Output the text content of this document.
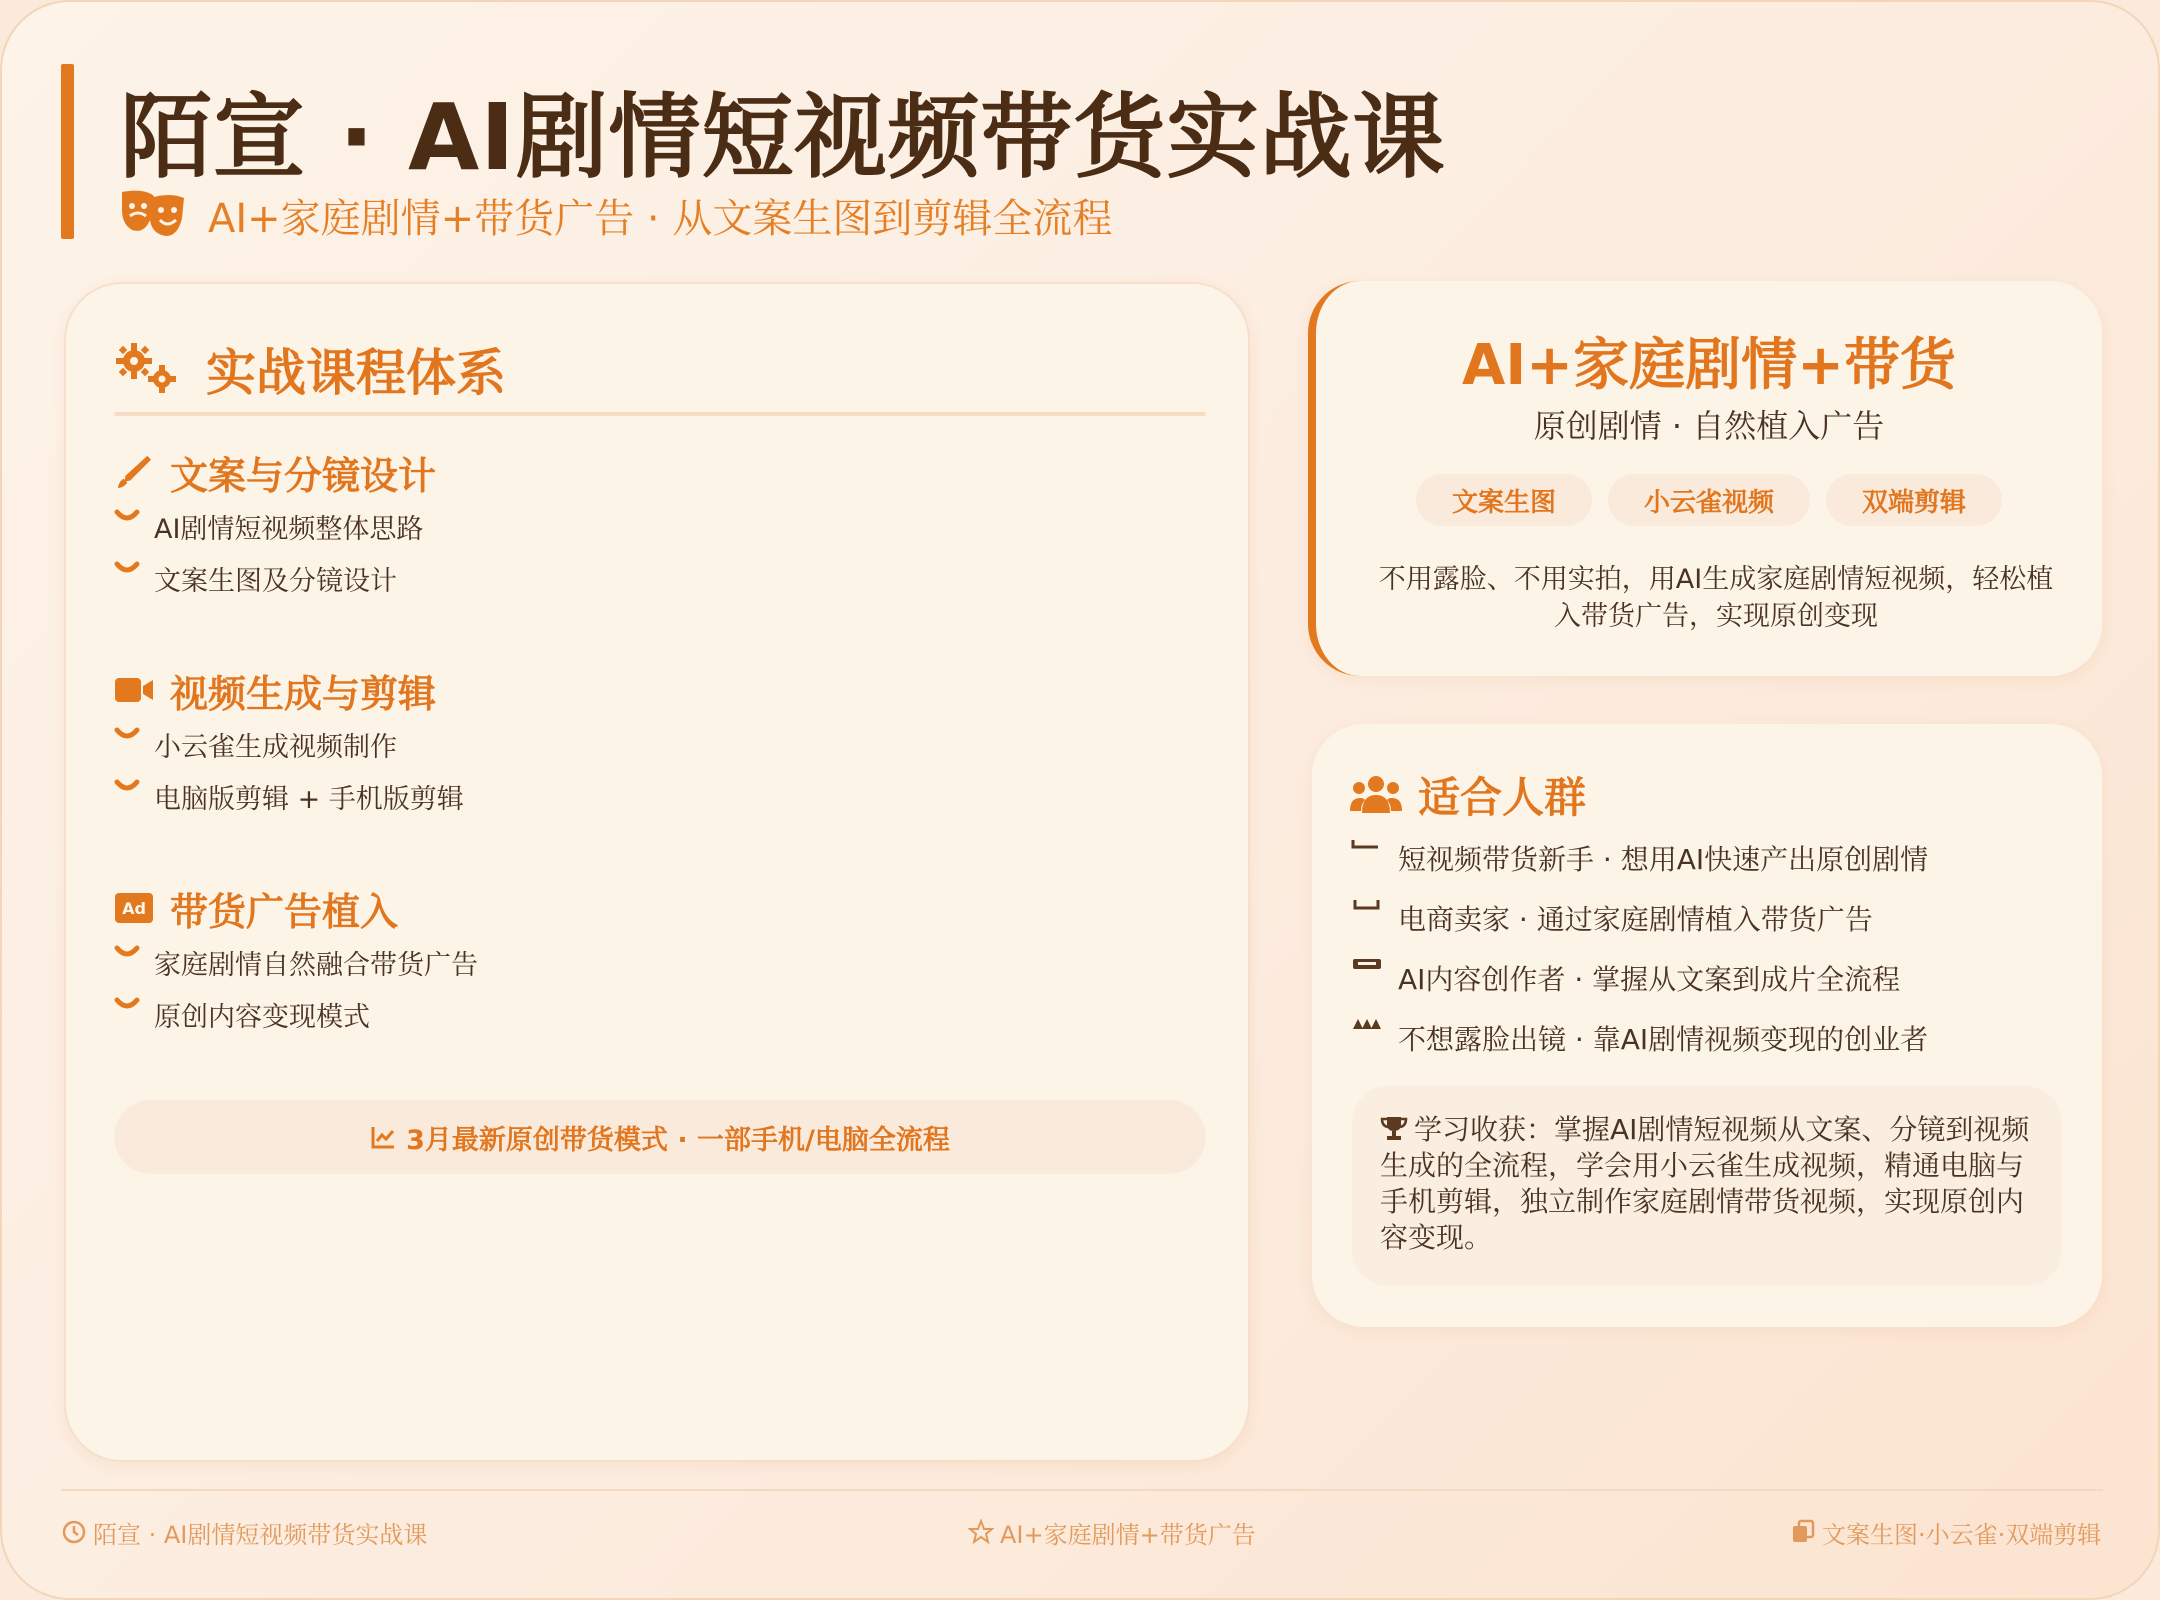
陌宣 · AI剧情短视频带货实战课
AI+家庭剧情+带货广告 · 从文案生图到剪辑全流程
实战课程体系
文案与分镜设计
AI剧情短视频整体思路
文案生图及分镜设计
视频生成与剪辑
小云雀生成视频制作
电脑版剪辑 + 手机版剪辑
Ad 带货广告植入
家庭剧情自然融合带货广告
原创内容变现模式
3月最新原创带货模式 · 一部手机/电脑全流程
AI+家庭剧情+带货
原创剧情 · 自然植入广告
文案生图	小云雀视频	双端剪辑
不用露脸、不用实拍，用AI生成家庭剧情短视频，轻松植入带货广告，实现原创变现
适合人群
短视频带货新手 · 想用AI快速产出原创剧情
电商卖家 · 通过家庭剧情植入带货广告
AI内容创作者 · 掌握从文案到成片全流程
不想露脸出镜 · 靠AI剧情视频变现的创业者
学习收获：掌握AI剧情短视频从文案、分镜到视频生成的全流程，学会用小云雀生成视频，精通电脑与手机剪辑，独立制作家庭剧情带货视频，实现原创内容变现。
陌宣 · AI剧情短视频带货实战课	AI+家庭剧情+带货广告	文案生图·小云雀·双端剪辑
